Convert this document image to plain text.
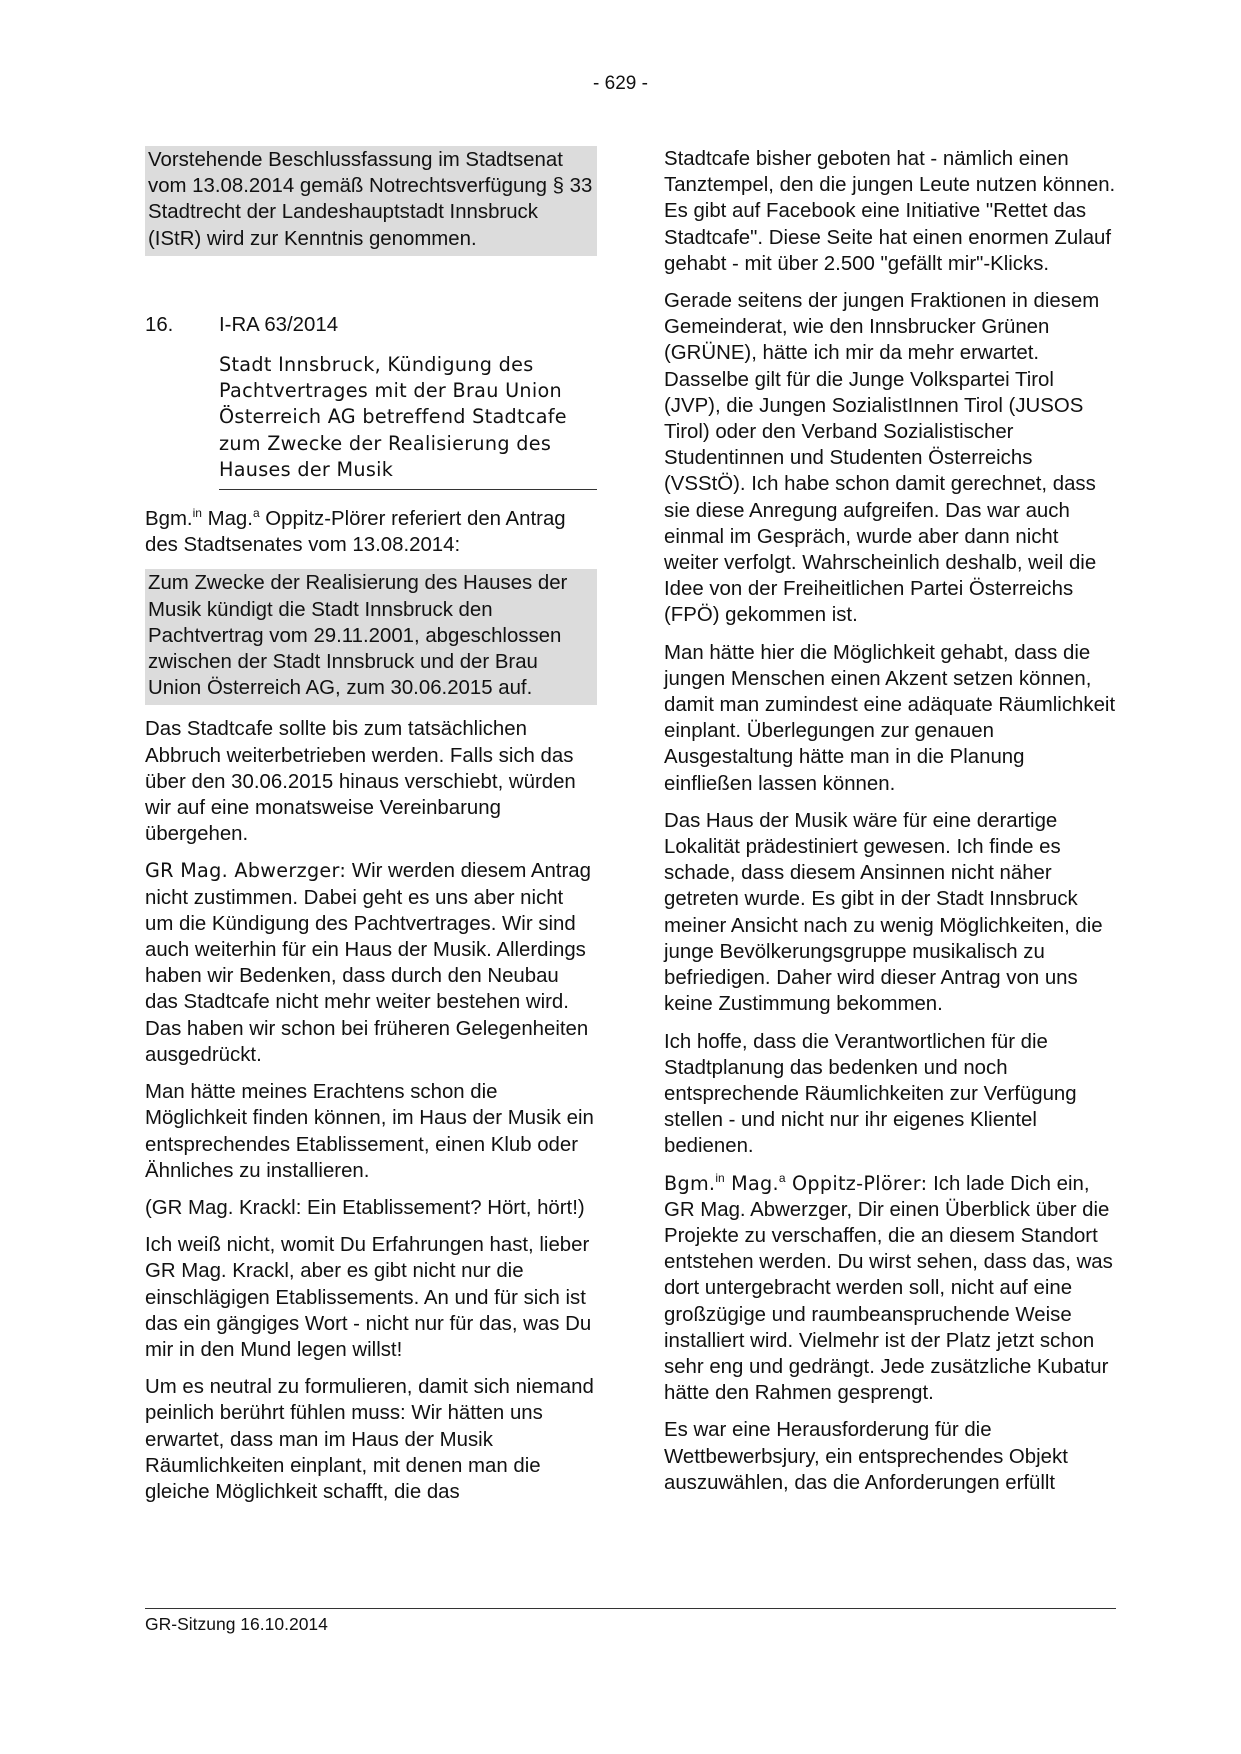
- 629 -

Vorstehende Beschlussfassung im Stadtsenat vom 13.08.2014 gemäß Notrechtsverfügung § 33 Stadtrecht der Landeshauptstadt Innsbruck (IStR) wird zur Kenntnis genommen.

16.	I-RA 63/2014

Stadt Innsbruck, Kündigung des Pachtvertrages mit der Brau Union Österreich AG betreffend Stadtcafe zum Zwecke der Realisierung des Hauses der Musik

Bgm.$^{in}$ Mag.$^a$ Oppitz-Plörer referiert den Antrag des Stadtsenates vom 13.08.2014:

Zum Zwecke der Realisierung des Hauses der Musik kündigt die Stadt Innsbruck den Pachtvertrag vom 29.11.2001, abgeschlossen zwischen der Stadt Innsbruck und der Brau Union Österreich AG, zum 30.06.2015 auf.

Das Stadtcafe sollte bis zum tatsächlichen Abbruch weiterbetrieben werden. Falls sich das über den 30.06.2015 hinaus verschiebt, würden wir auf eine monatsweise Vereinbarung übergehen.

GR Mag. Abwerzger: Wir werden diesem Antrag nicht zustimmen. Dabei geht es uns aber nicht um die Kündigung des Pachtvertrages. Wir sind auch weiterhin für ein Haus der Musik. Allerdings haben wir Bedenken, dass durch den Neubau das Stadtcafe nicht mehr weiter bestehen wird. Das haben wir schon bei früheren Gelegenheiten ausgedrückt.

Man hätte meines Erachtens schon die Möglichkeit finden können, im Haus der Musik ein entsprechendes Etablissement, einen Klub oder Ähnliches zu installieren.

(GR Mag. Krackl: Ein Etablissement? Hört, hört!)

Ich weiß nicht, womit Du Erfahrungen hast, lieber GR Mag. Krackl, aber es gibt nicht nur die einschlägigen Etablissements. An und für sich ist das ein gängiges Wort - nicht nur für das, was Du mir in den Mund legen willst!

Um es neutral zu formulieren, damit sich niemand peinlich berührt fühlen muss: Wir hätten uns erwartet, dass man im Haus der Musik Räumlichkeiten einplant, mit denen man die gleiche Möglichkeit schafft, die das

Stadtcafe bisher geboten hat - nämlich einen Tanztempel, den die jungen Leute nutzen können. Es gibt auf Facebook eine Initiative "Rettet das Stadtcafe". Diese Seite hat einen enormen Zulauf gehabt - mit über 2.500 "gefällt mir"-Klicks.

Gerade seitens der jungen Fraktionen in diesem Gemeinderat, wie den Innsbrucker Grünen (GRÜNE), hätte ich mir da mehr erwartet. Dasselbe gilt für die Junge Volkspartei Tirol (JVP), die Jungen SozialistInnen Tirol (JUSOS Tirol) oder den Verband Sozialistischer Studentinnen und Studenten Österreichs (VSStÖ). Ich habe schon damit gerechnet, dass sie diese Anregung aufgreifen. Das war auch einmal im Gespräch, wurde aber dann nicht weiter verfolgt. Wahrscheinlich deshalb, weil die Idee von der Freiheitlichen Partei Österreichs (FPÖ) gekommen ist.

Man hätte hier die Möglichkeit gehabt, dass die jungen Menschen einen Akzent setzen können, damit man zumindest eine adäquate Räumlichkeit einplant. Überlegungen zur genauen Ausgestaltung hätte man in die Planung einfließen lassen können.

Das Haus der Musik wäre für eine derartige Lokalität prädestiniert gewesen. Ich finde es schade, dass diesem Ansinnen nicht näher getreten wurde. Es gibt in der Stadt Innsbruck meiner Ansicht nach zu wenig Möglichkeiten, die junge Bevölkerungsgruppe musikalisch zu befriedigen. Daher wird dieser Antrag von uns keine Zustimmung bekommen.

Ich hoffe, dass die Verantwortlichen für die Stadtplanung das bedenken und noch entsprechende Räumlichkeiten zur Verfügung stellen - und nicht nur ihr eigenes Klientel bedienen.

Bgm.$^{in}$ Mag.$^a$ Oppitz-Plörer: Ich lade Dich ein, GR Mag. Abwerzger, Dir einen Überblick über die Projekte zu verschaffen, die an diesem Standort entstehen werden. Du wirst sehen, dass das, was dort untergebracht werden soll, nicht auf eine großzügige und raumbeanspruchende Weise installiert wird. Vielmehr ist der Platz jetzt schon sehr eng und gedrängt. Jede zusätzliche Kubatur hätte den Rahmen gesprengt.

Es war eine Herausforderung für die Wettbewerbsjury, ein entsprechendes Objekt auszuwählen, das die Anforderungen erfüllt

GR-Sitzung 16.10.2014
